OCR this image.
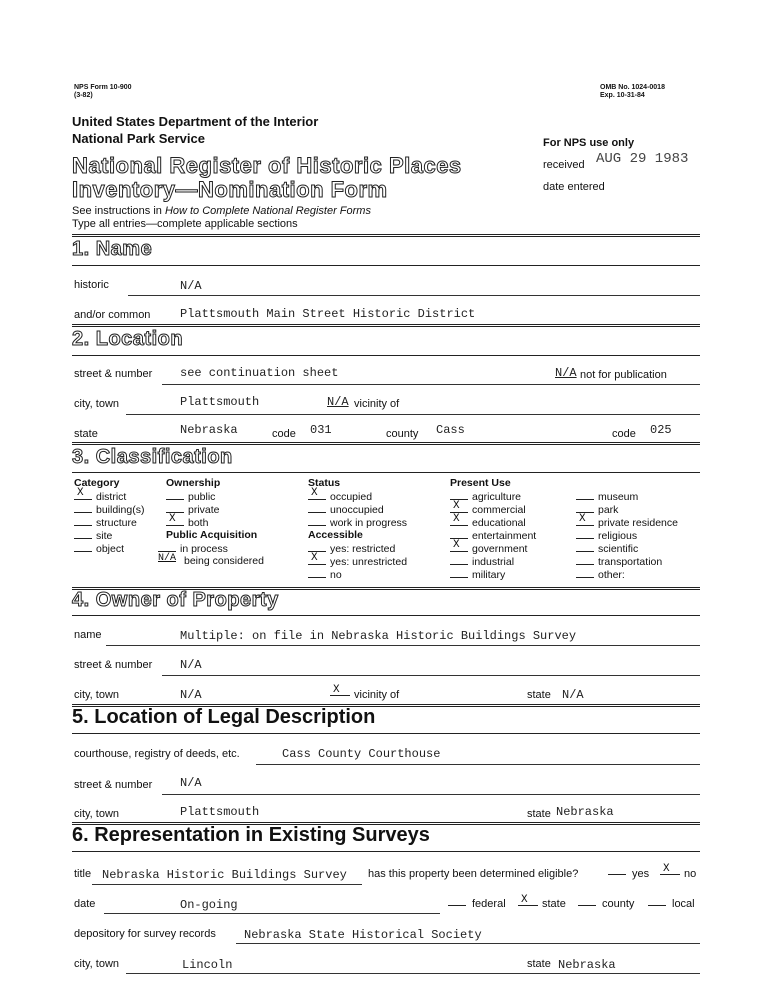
NPS Form 10-900
(3-82)
OMB No. 1024-0018
Exp. 10-31-84
United States Department of the Interior
National Park Service
National Register of Historic Places
Inventory—Nomination Form
For NPS use only
received AUG 29 1983
date entered
See instructions in How to Complete National Register Forms
Type all entries—complete applicable sections
1. Name
historic	N/A
and/or common Plattsmouth Main Street Historic District
2. Location
street & number see continuation sheet	N/A not for publication
city, town	Plattsmouth	N/A vicinity of
state	Nebraska	code 031	county Cass	code 025
3. Classification
Category
X district
building(s)
structure
site
object
Ownership
public
private
X both
Public Acquisition
in process
N/A being considered
Status
X occupied
unoccupied
work in progress
Accessible
yes: restricted
X yes: unrestricted
no
Present Use
agriculture
X commercial
X educational
entertainment
X government
industrial
military
museum
park
X private residence
religious
scientific
transportation
other:
4. Owner of Property
name	Multiple: on file in Nebraska Historic Buildings Survey
street & number N/A
city, town	N/A	X vicinity of	state N/A
5. Location of Legal Description
courthouse, registry of deeds, etc.	Cass County Courthouse
street & number N/A
city, town	Plattsmouth	state Nebraska
6. Representation in Existing Surveys
title Nebraska Historic Buildings Survey has this property been determined eligible?	yes X no
date	On-going	federal X state	county	local
depository for survey records Nebraska State Historical Society
city, town	Lincoln	state Nebraska
